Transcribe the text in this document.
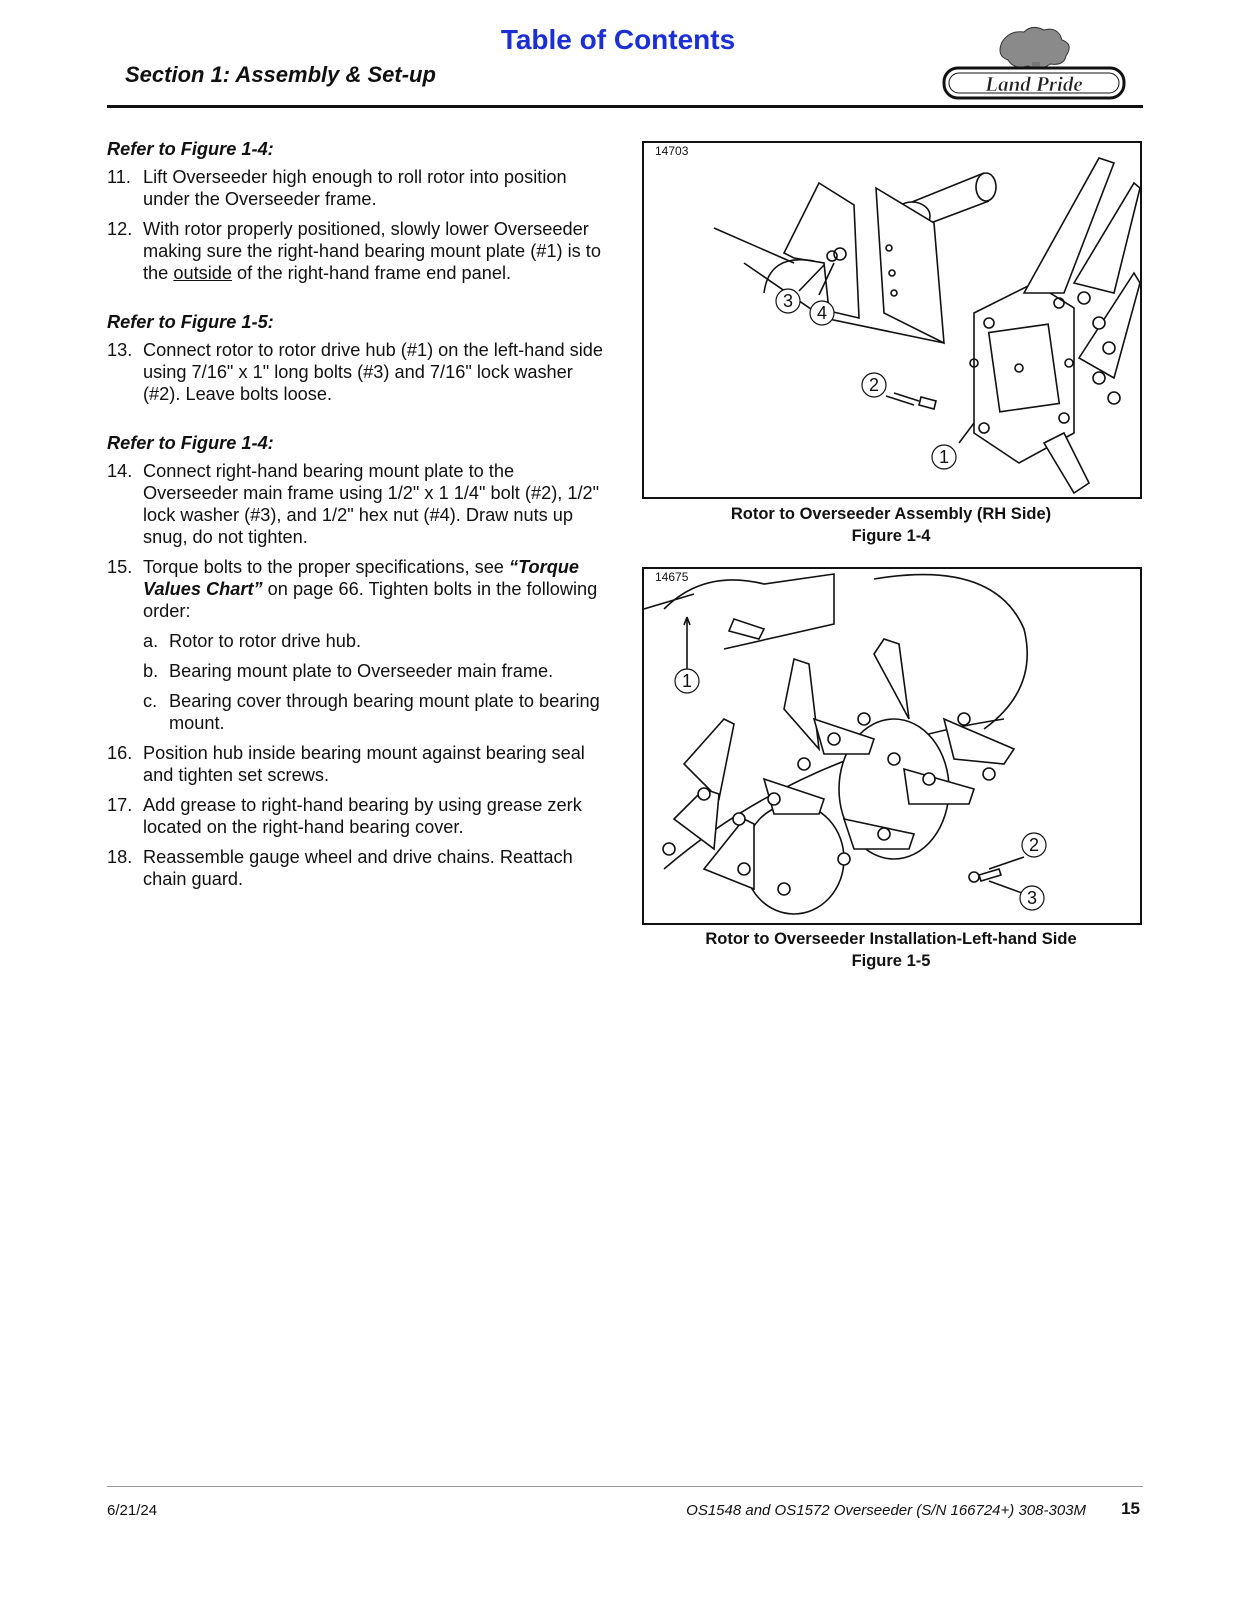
Table of Contents
Section 1: Assembly & Set-up	Land Pride
Refer to Figure 1-4:
11. Lift Overseeder high enough to roll rotor into position under the Overseeder frame.
12. With rotor properly positioned, slowly lower Overseeder making sure the right-hand bearing mount plate (#1) is to the outside of the right-hand frame end panel.
Refer to Figure 1-5:
13. Connect rotor to rotor drive hub (#1) on the left-hand side using 7/16" x 1" long bolts (#3) and 7/16" lock washer (#2). Leave bolts loose.
Refer to Figure 1-4:
14. Connect right-hand bearing mount plate to the Overseeder main frame using 1/2" x 1 1/4" bolt (#2), 1/2" lock washer (#3), and 1/2" hex nut (#4). Draw nuts up snug, do not tighten.
15. Torque bolts to the proper specifications, see “Torque Values Chart” on page 66. Tighten bolts in the following order:
a. Rotor to rotor drive hub.
b. Bearing mount plate to Overseeder main frame.
c. Bearing cover through bearing mount plate to bearing mount.
16. Position hub inside bearing mount against bearing seal and tighten set screws.
17. Add grease to right-hand bearing by using grease zerk located on the right-hand bearing cover.
18. Reassemble gauge wheel and drive chains. Reattach chain guard.
14703
1
2
3
4
Rotor to Overseeder Assembly (RH Side)
Figure 1-4
14675
1
2
3
Rotor to Overseeder Installation-Left-hand Side
Figure 1-5
6/21/24	OS1548 and OS1572 Overseeder (S/N 166724+) 308-303M 15
